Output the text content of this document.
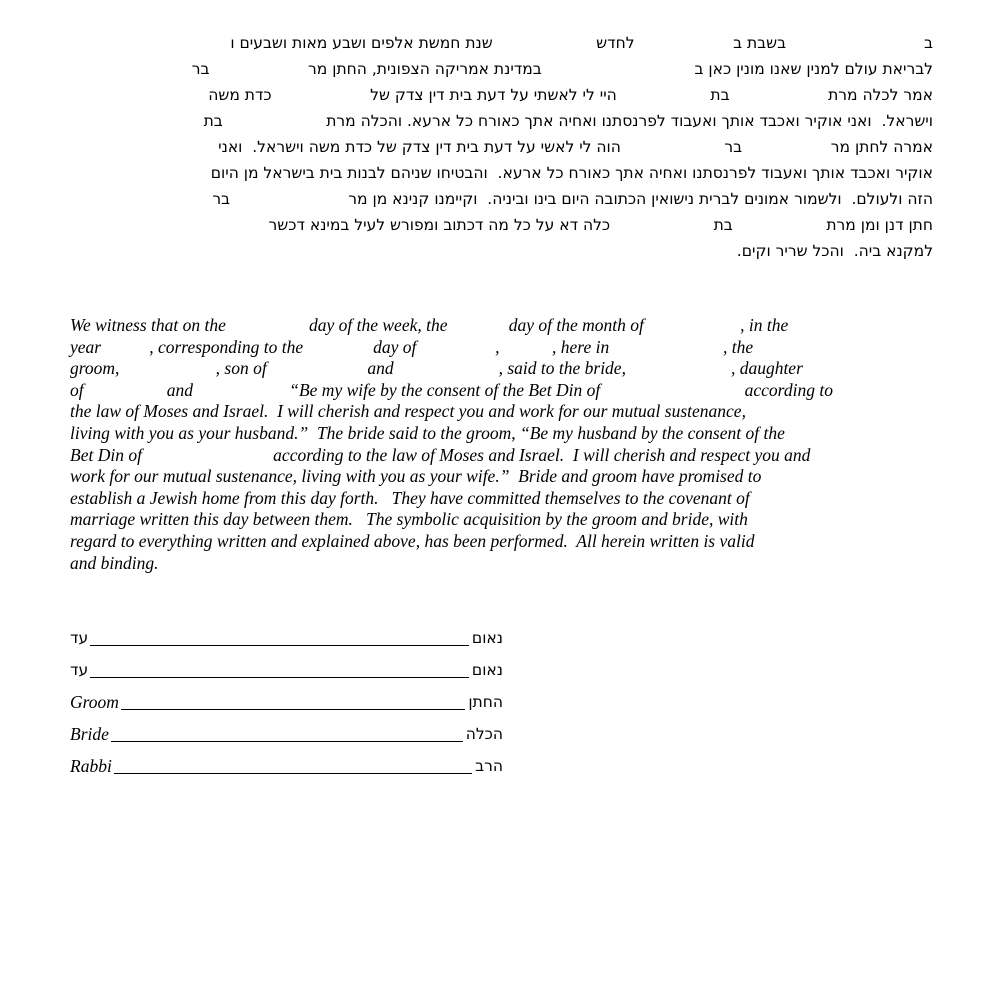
ב                            בשבת ב                    לחדש                     שנת חמשת אלפים ושבע מאות ושבעים ו
לבריאת עולם למנין שאנו מונין כאן ב                               במדינת אמריקה הצפונית, החתן מר                    בר
אמר לכלה מרת                    בת                   היי לי לאשתי על דעת בית דין צדק של                    כדת משה
וישראל.  ואני אוקיר ואכבד אותך ואעבוד לפרנסתנו ואחיה אתך כאורח כל ארעא. והכלה מרת                     בת
אמרה לחתן מר                  בר                     הוה לי לאשי על דעת בית דין צדק של כדת משה וישראל.  ואני
אוקיר ואכבד אותך ואעבוד לפרנסתנו ואחיה אתך כאורח כל ארעא.  והבטיחו שניהם לבנות בית בישראל מן היום
הזה ולעולם.  ולשמור אמונים לברית נישואין הכתובה היום בינו וביניה.  וקיימנו קנינא מן מר                        בר
חתן דנן ומן מרת                   בת                     כלה דא על כל מה דכתוב ומפורש לעיל במינא דכשר
למקנא ביה.  והכל שריר וקים.
We witness that on the                   day of the week, the              day of the month of                      , in the
year           , corresponding to the                day of                  ,            , here in                          , the
groom,                      , son of                       and                        , said to the bride,                        , daughter
of                   and                      “Be my wife by the consent of the Bet Din of                                 according to
the law of Moses and Israel.  I will cherish and respect you and work for our mutual sustenance,
living with you as your husband.”  The bride said to the groom, “Be my husband by the consent of the
Bet Din of                              according to the law of Moses and Israel.  I will cherish and respect you and
work for our mutual sustenance, living with you as your wife.”  Bride and groom have promised to
establish a Jewish home from this day forth.   They have committed themselves to the covenant of
marriage written this day between them.   The symbolic acquisition by the groom and bride, with
regard to everything written and explained above, has been performed.  All herein written is valid
and binding.
עד	נאום
עד	נאום
Groom	החתן
Bride	הכלה
Rabbi	הרב
